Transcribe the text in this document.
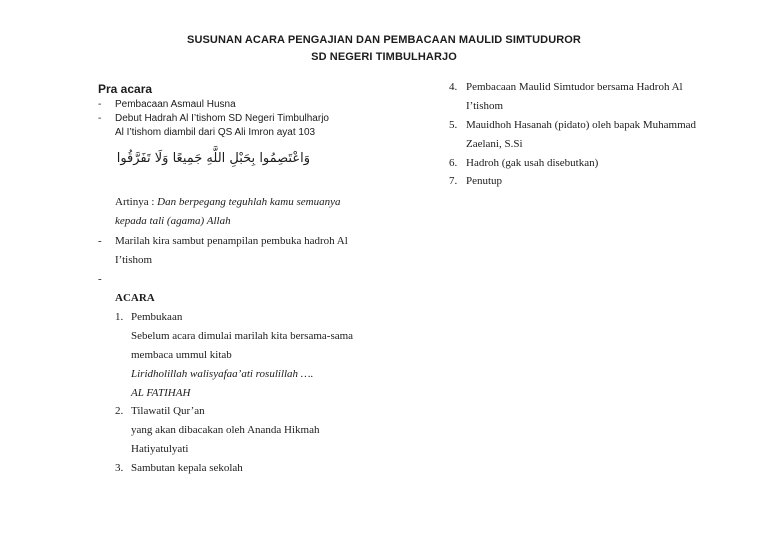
SUSUNAN ACARA PENGAJIAN DAN PEMBACAAN MAULID SIMTUDUROR
SD NEGERI TIMBULHARJO
Pra acara
- Pembacaan Asmaul Husna
- Debut Hadrah Al I’tishom SD Negeri Timbulharjo
Al I’tishom diambil dari QS Ali Imron ayat 103
وَاعْتَصِمُوا بِحَبْلِ اللَّهِ جَمِيعًا وَلَا تَفَرَّقُوا
Artinya : Dan berpegang teguhlah kamu semuanya
kepada tali (agama) Allah
- Marilah kira sambut penampilan pembuka hadroh Al
I’tishom
-
ACARA
1. Pembukaan
Sebelum acara dimulai marilah kita bersama-sama
membaca ummul kitab
Liridholillah walisyafaa’ati rosulillah ….
AL FATIHAH
2. Tilawatil Qur’an
yang akan dibacakan oleh Ananda Hikmah
Hatiyatulyati
3. Sambutan kepala sekolah
4. Pembacaan Maulid Simtudor bersama Hadroh Al
I’tishom
5. Mauidhoh Hasanah (pidato) oleh bapak Muhammad
Zaelani, S.Si
6. Hadroh (gak usah disebutkan)
7. Penutup
